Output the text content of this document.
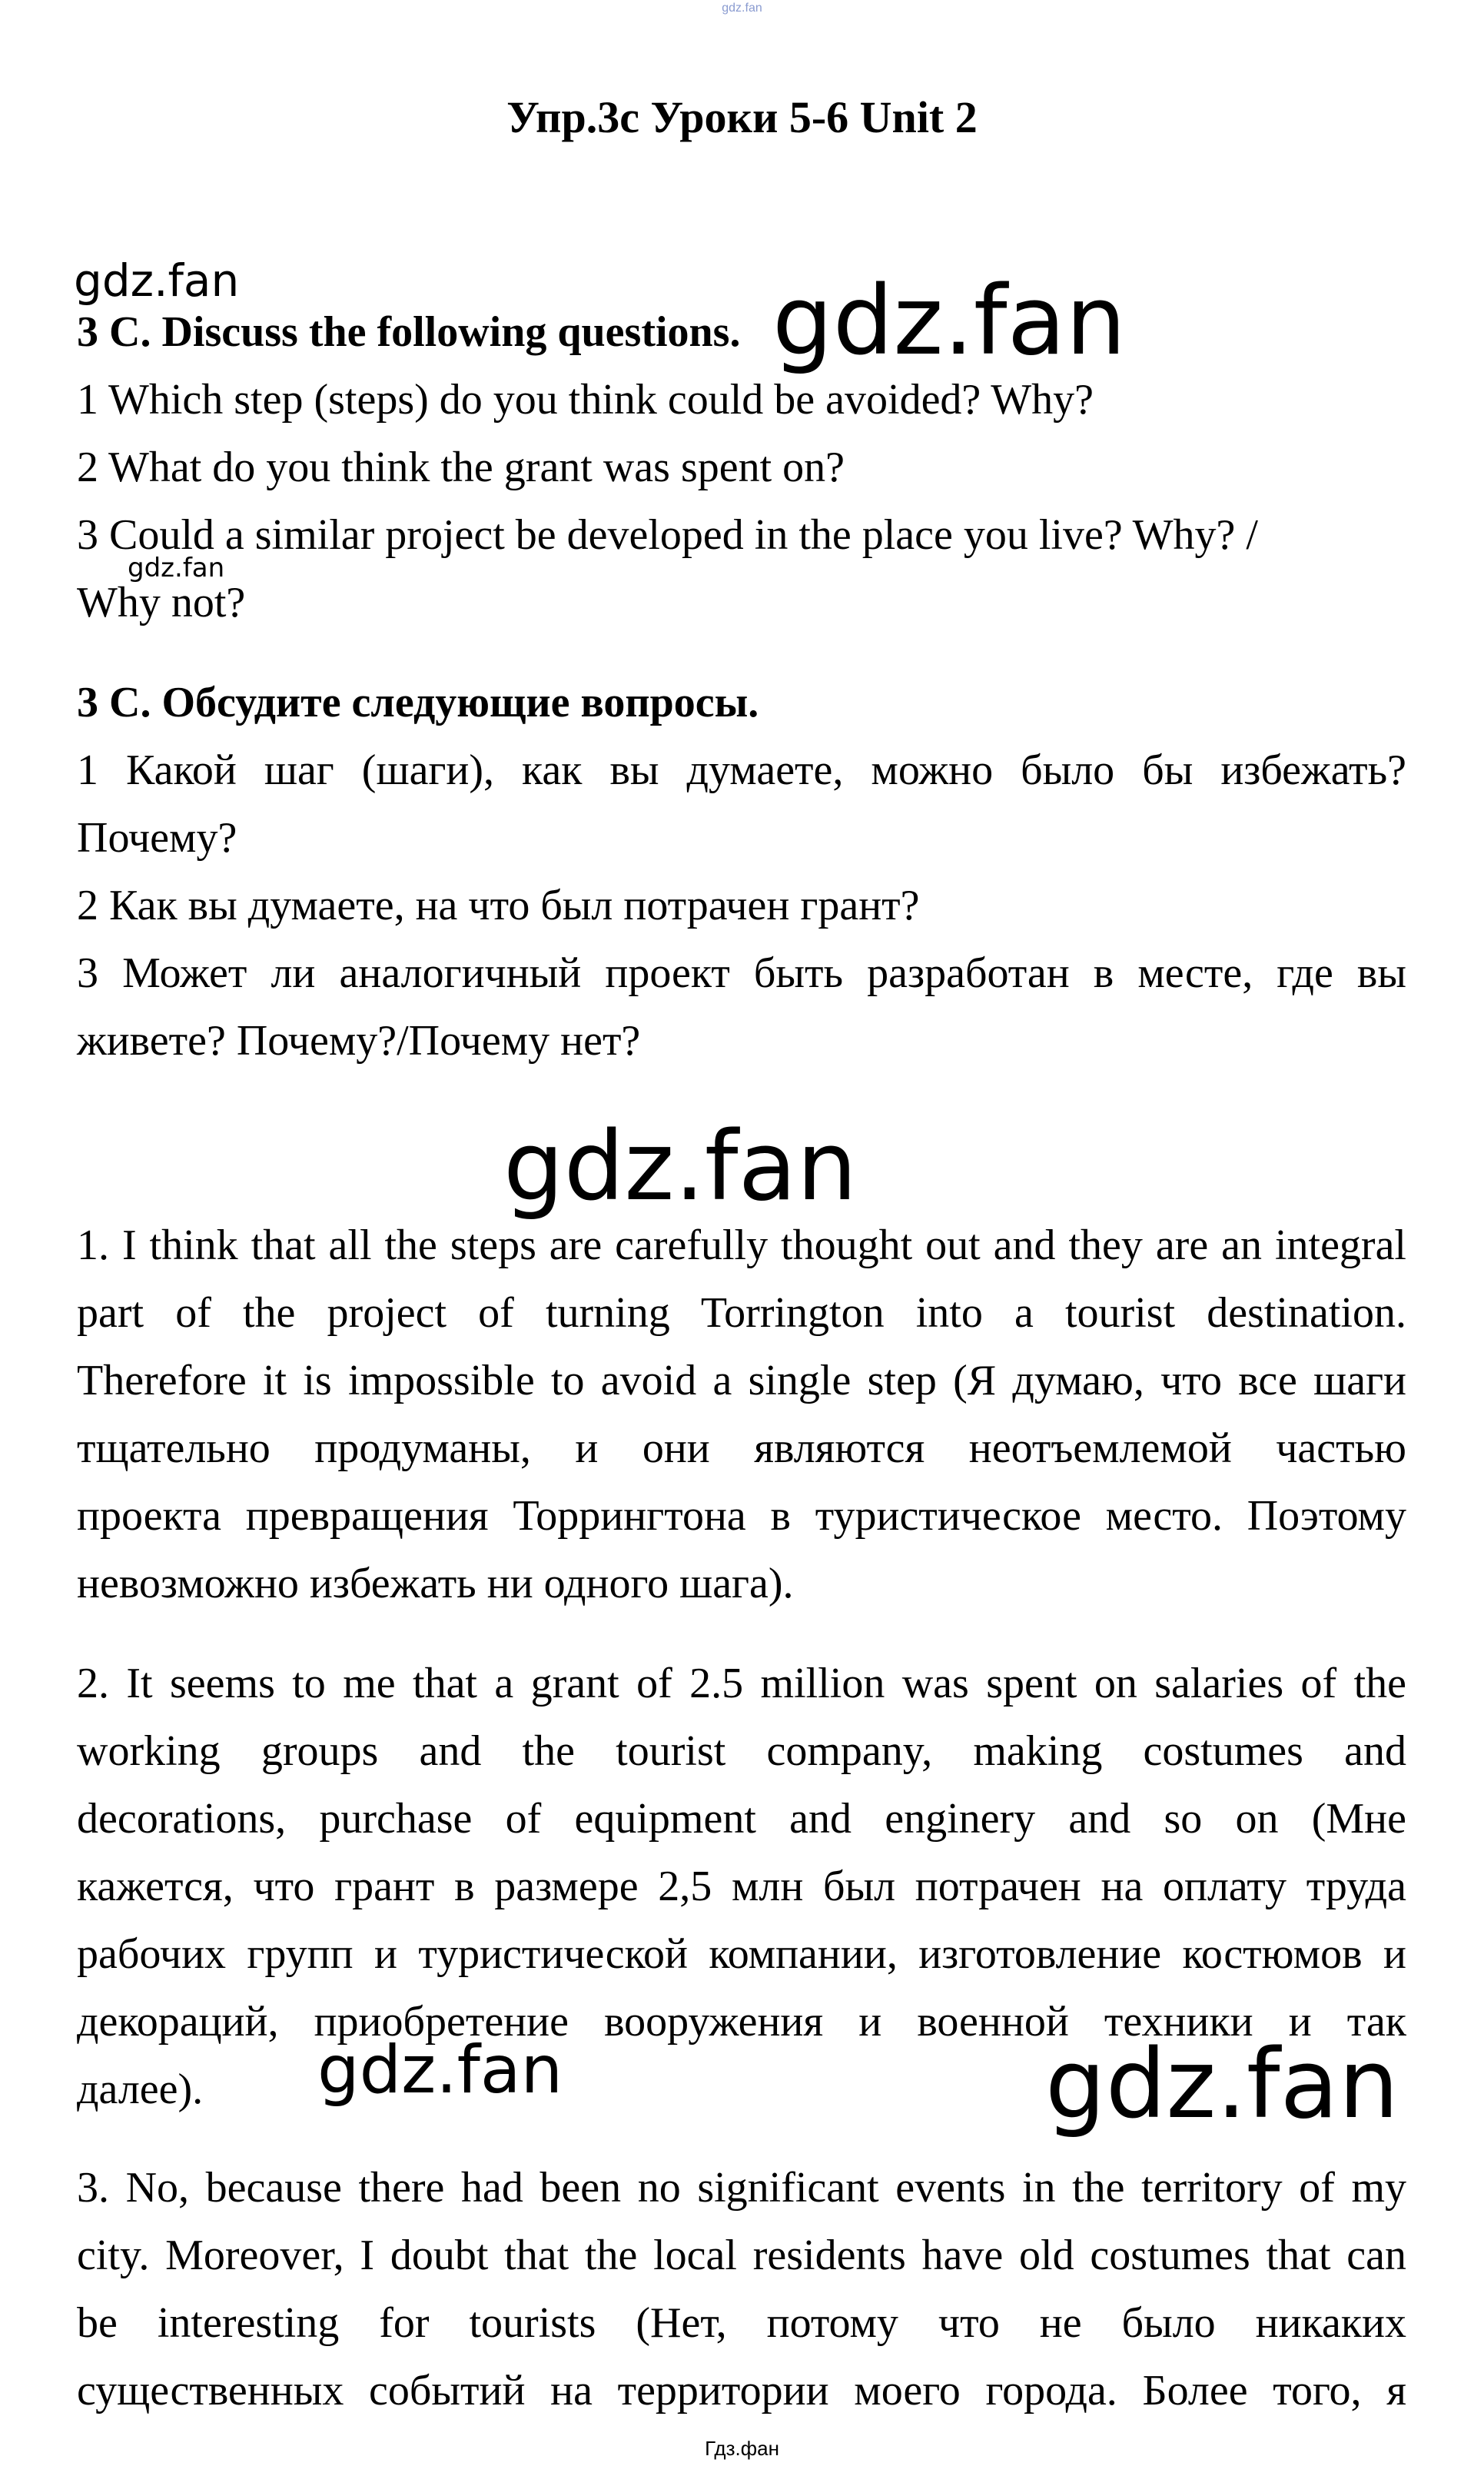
gdz.fan
Упр.3с Уроки 5-6 Unit 2
3 C. Discuss the following questions.
1 Which step (steps) do you think could be avoided? Why?
2 What do you think the grant was spent on?
3 Could a similar project be developed in the place you live? Why? /
Why not?
3 С. Обсудите следующие вопросы.
1 Какой шаг (шаги), как вы думаете, можно было бы избежать?
Почему?
2 Как вы думаете, на что был потрачен грант?
3 Может ли аналогичный проект быть разработан в месте, где вы
живете? Почему?/Почему нет?
1. I think that all the steps are carefully thought out and they are an integral
part of the project of turning Torrington into a tourist destination.
Therefore it is impossible to avoid a single step (Я думаю, что все шаги
тщательно продуманы, и они являются неотъемлемой частью
проекта превращения Торрингтона в туристическое место. Поэтому
невозможно избежать ни одного шага).
2. It seems to me that a grant of 2.5 million was spent on salaries of the
working groups and the tourist company, making costumes and
decorations, purchase of equipment and enginery and so on (Мне
кажется, что грант в размере 2,5 млн был потрачен на оплату труда
рабочих групп и туристической компании, изготовление костюмов и
декораций, приобретение вооружения и военной техники и так
далее).
3. No, because there had been no significant events in the territory of my
city. Moreover, I doubt that the local residents have old costumes that can
be interesting for tourists (Нет, потому что не было никаких
существенных событий на территории моего города. Более того, я
gdz.fan	gdz.fan
gdz.fan
gdz.fan
gdz.fan	gdz.fan
Гдз.фан
